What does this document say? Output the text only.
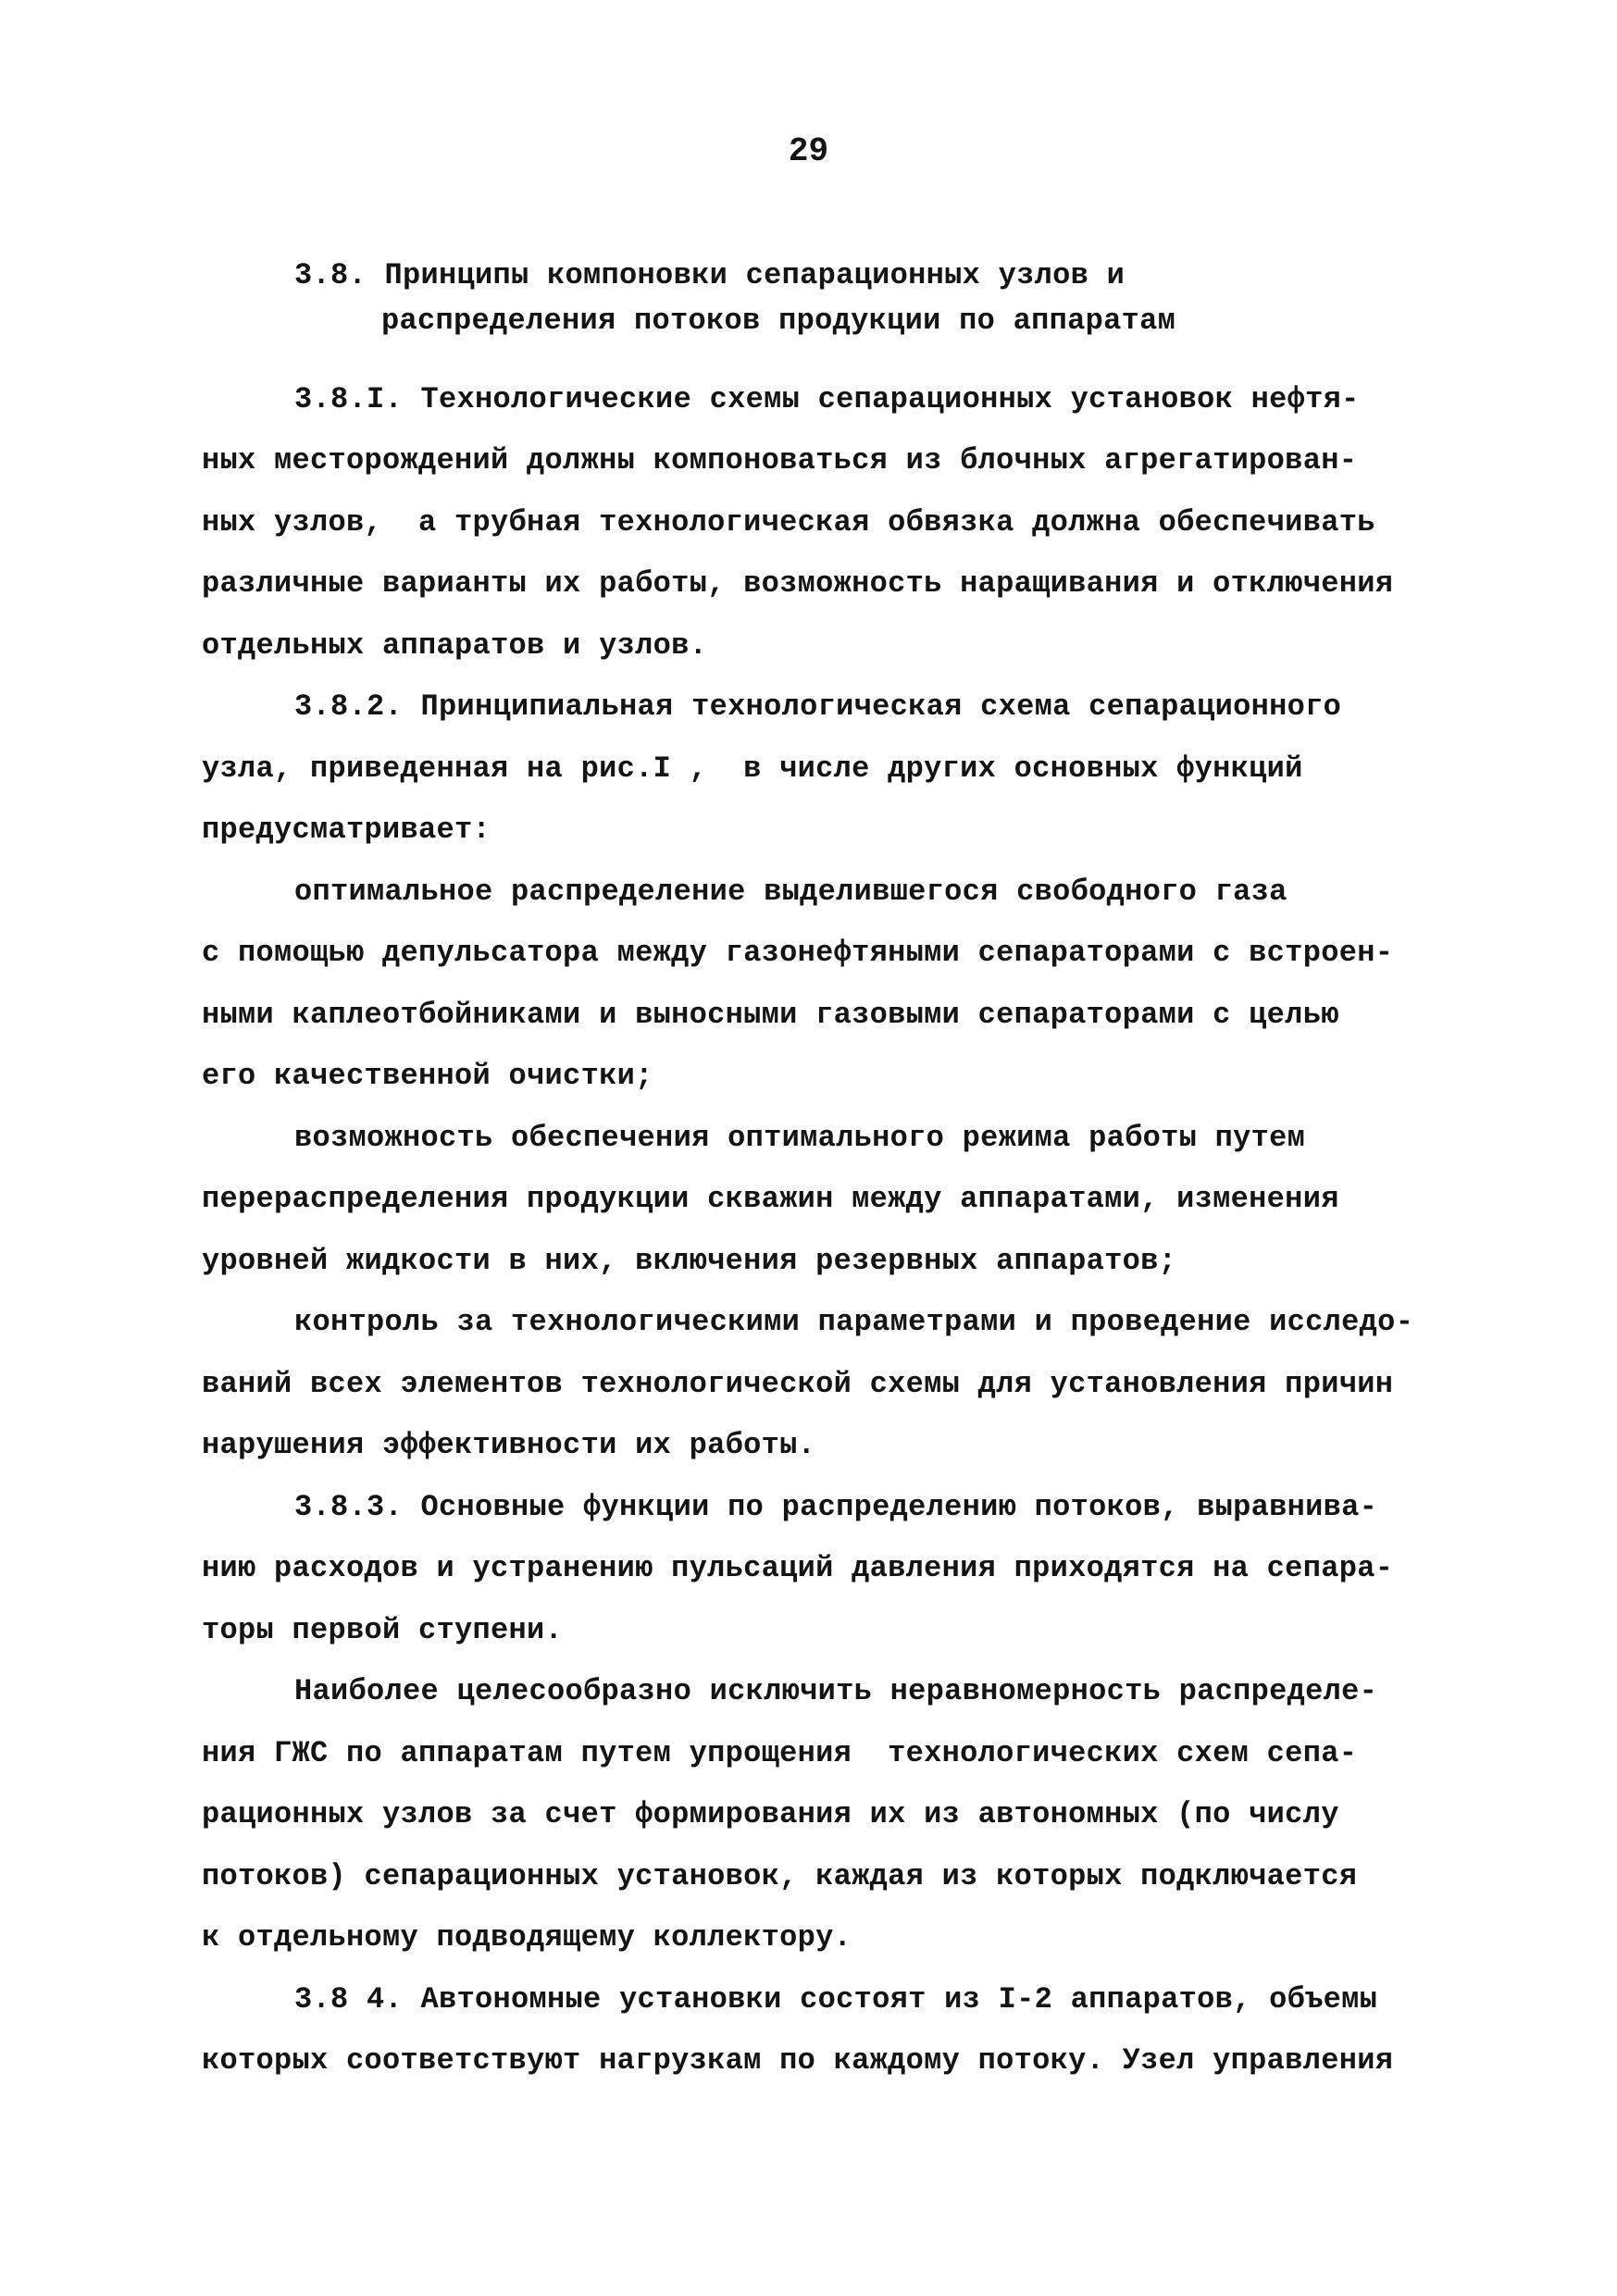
29
3.8. Принципы компоновки сепарационных узлов и
распределения потоков продукции по аппаратам
3.8.I. Технологические схемы сепарационных установок нефтя-
ных месторождений должны компоноваться из блочных агрегатирован-
ных узлов,  а трубная технологическая обвязка должна обеспечивать
различные варианты их работы, возможность наращивания и отключения
отдельных аппаратов и узлов.
3.8.2. Принципиальная технологическая схема сепарационного
узла, приведенная на рис.I ,  в числе других основных функций
предусматривает:
оптимальное распределение выделившегося свободного газа
с помощью депульсатора между газонефтяными сепараторами с встроен-
ными каплеотбойниками и выносными газовыми сепараторами с целью
его качественной очистки;
возможность обеспечения оптимального режима работы путем
перераспределения продукции скважин между аппаратами, изменения
уровней жидкости в них, включения резервных аппаратов;
контроль за технологическими параметрами и проведение исследо-
ваний всех элементов технологической схемы для установления причин
нарушения эффективности их работы.
3.8.3. Основные функции по распределению потоков, выравнива-
нию расходов и устранению пульсаций давления приходятся на сепара-
торы первой ступени.
Наиболее целесообразно исключить неравномерность распределе-
ния ГЖС по аппаратам путем упрощения  технологических схем сепа-
рационных узлов за счет формирования их из автономных (по числу
потоков) сепарационных установок, каждая из которых подключается
к отдельному подводящему коллектору.
3.8 4. Автономные установки состоят из I-2 аппаратов, объемы
которых соответствуют нагрузкам по каждому потоку. Узел управления
